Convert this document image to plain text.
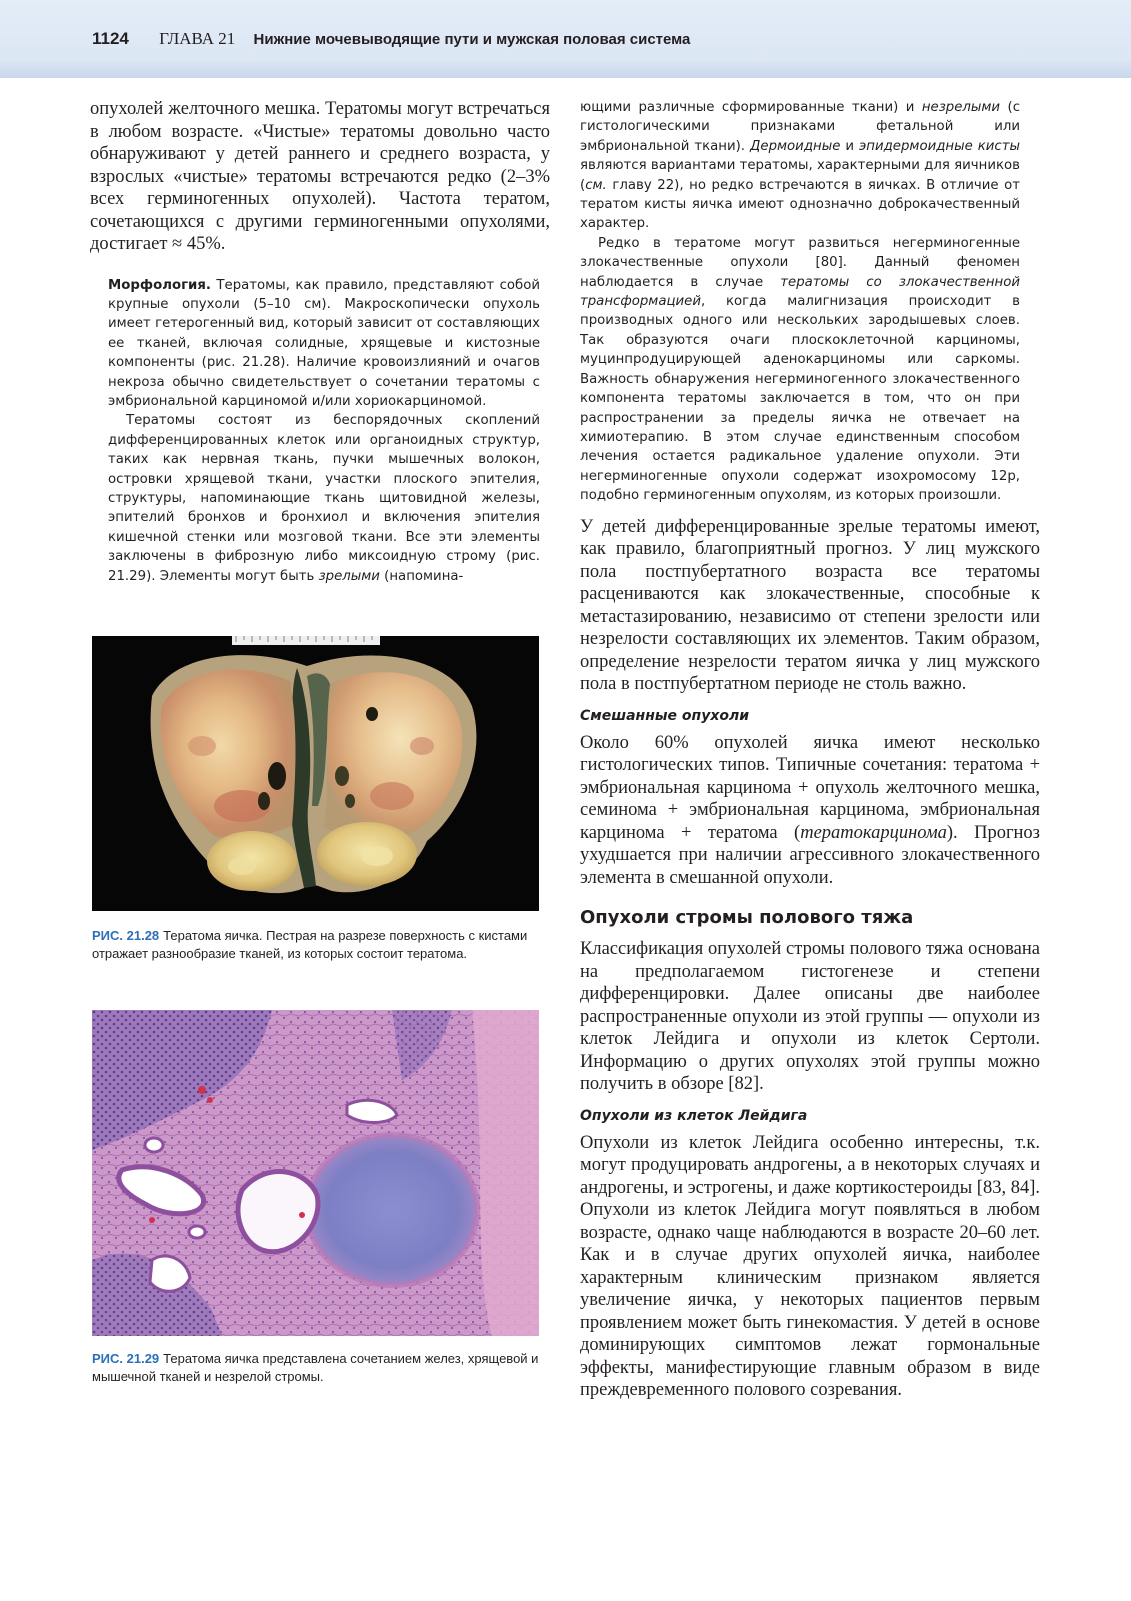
1124 ГЛАВА 21 Нижние мочевыводящие пути и мужская половая система

опухолей желточного мешка. Тератомы могут встречаться в любом возрасте. «Чистые» тератомы довольно часто обнаруживают у детей раннего и среднего возраста, у взрослых «чистые» тератомы встречаются редко (2–3% всех герминогенных опухолей). Частота тератом, сочетающихся с другими герминогенными опухолями, достигает ≈ 45%.

Морфология. Тератомы, как правило, представляют собой крупные опухоли (5–10 см). Макроскопически опухоль имеет гетерогенный вид, который зависит от составляющих ее тканей, включая солидные, хрящевые и кистозные компоненты (рис. 21.28). Наличие кровоизлияний и очагов некроза обычно свидетельствует о сочетании тератомы с эмбриональной карциномой и/или хориокарциномой.

Тератомы состоят из беспорядочных скоплений дифференцированных клеток или органоидных структур, таких как нервная ткань, пучки мышечных волокон, островки хрящевой ткани, участки плоского эпителия, структуры, напоминающие ткань щитовидной железы, эпителий бронхов и бронхиол и включения эпителия кишечной стенки или мозговой ткани. Все эти элементы заключены в фиброзную либо миксоидную строму (рис. 21.29). Элементы могут быть зрелыми (напомина-

РИС. 21.28 Тератома яичка. Пестрая на разрезе поверхность с кистами отражает разнообразие тканей, из которых состоит тератома.
РИС. 21.29 Тератома яичка представлена сочетанием желез, хрящевой и мышечной тканей и незрелой стромы.

ющими различные сформированные ткани) и незрелыми (с гистологическими признаками фетальной или эмбриональной ткани). Дермоидные и эпидермоидные кисты являются вариантами тератомы, характерными для яичников (см. главу 22), но редко встречаются в яичках. В отличие от тератом кисты яичка имеют однозначно доброкачественный характер.

Редко в тератоме могут развиться негерминогенные злокачественные опухоли [80]. Данный феномен наблюдается в случае тератомы со злокачественной трансформацией, когда малигнизация происходит в производных одного или нескольких зародышевых слоев. Так образуются очаги плоскоклеточной карциномы, муцинпродуцирующей аденокарциномы или саркомы. Важность обнаружения негерминогенного злокачественного компонента тератомы заключается в том, что он при распространении за пределы яичка не отвечает на химиотерапию. В этом случае единственным способом лечения остается радикальное удаление опухоли. Эти негерминогенные опухоли содержат изохромосому 12p, подобно герминогенным опухолям, из которых произошли.

У детей дифференцированные зрелые тератомы имеют, как правило, благоприятный прогноз. У лиц мужского пола постпубертатного возраста все тератомы расцениваются как злокачественные, способные к метастазированию, независимо от степени зрелости или незрелости составляющих их элементов. Таким образом, определение незрелости тератом яичка у лиц мужского пола в постпубертатном периоде не столь важно.

Смешанные опухоли

Около 60% опухолей яичка имеют несколько гистологических типов. Типичные сочетания: тератома + эмбриональная карцинома + опухоль желточного мешка, семинома + эмбриональная карцинома, эмбриональная карцинома + тератома (тератокарцинома). Прогноз ухудшается при наличии агрессивного злокачественного элемента в смешанной опухоли.

Опухоли стромы полового тяжа

Классификация опухолей стромы полового тяжа основана на предполагаемом гистогенезе и степени дифференцировки. Далее описаны две наиболее распространенные опухоли из этой группы — опухоли из клеток Лейдига и опухоли из клеток Сертоли. Информацию о других опухолях этой группы можно получить в обзоре [82].

Опухоли из клеток Лейдига

Опухоли из клеток Лейдига особенно интересны, т.к. могут продуцировать андрогены, а в некоторых случаях и андрогены, и эстрогены, и даже кортикостероиды [83, 84]. Опухоли из клеток Лейдига могут появляться в любом возрасте, однако чаще наблюдаются в возрасте 20–60 лет. Как и в случае других опухолей яичка, наиболее характерным клиническим признаком является увеличение яичка, у некоторых пациентов первым проявлением может быть гинекомастия. У детей в основе доминирующих симптомов лежат гормональные эффекты, манифестирующие главным образом в виде преждевременного полового созревания.
